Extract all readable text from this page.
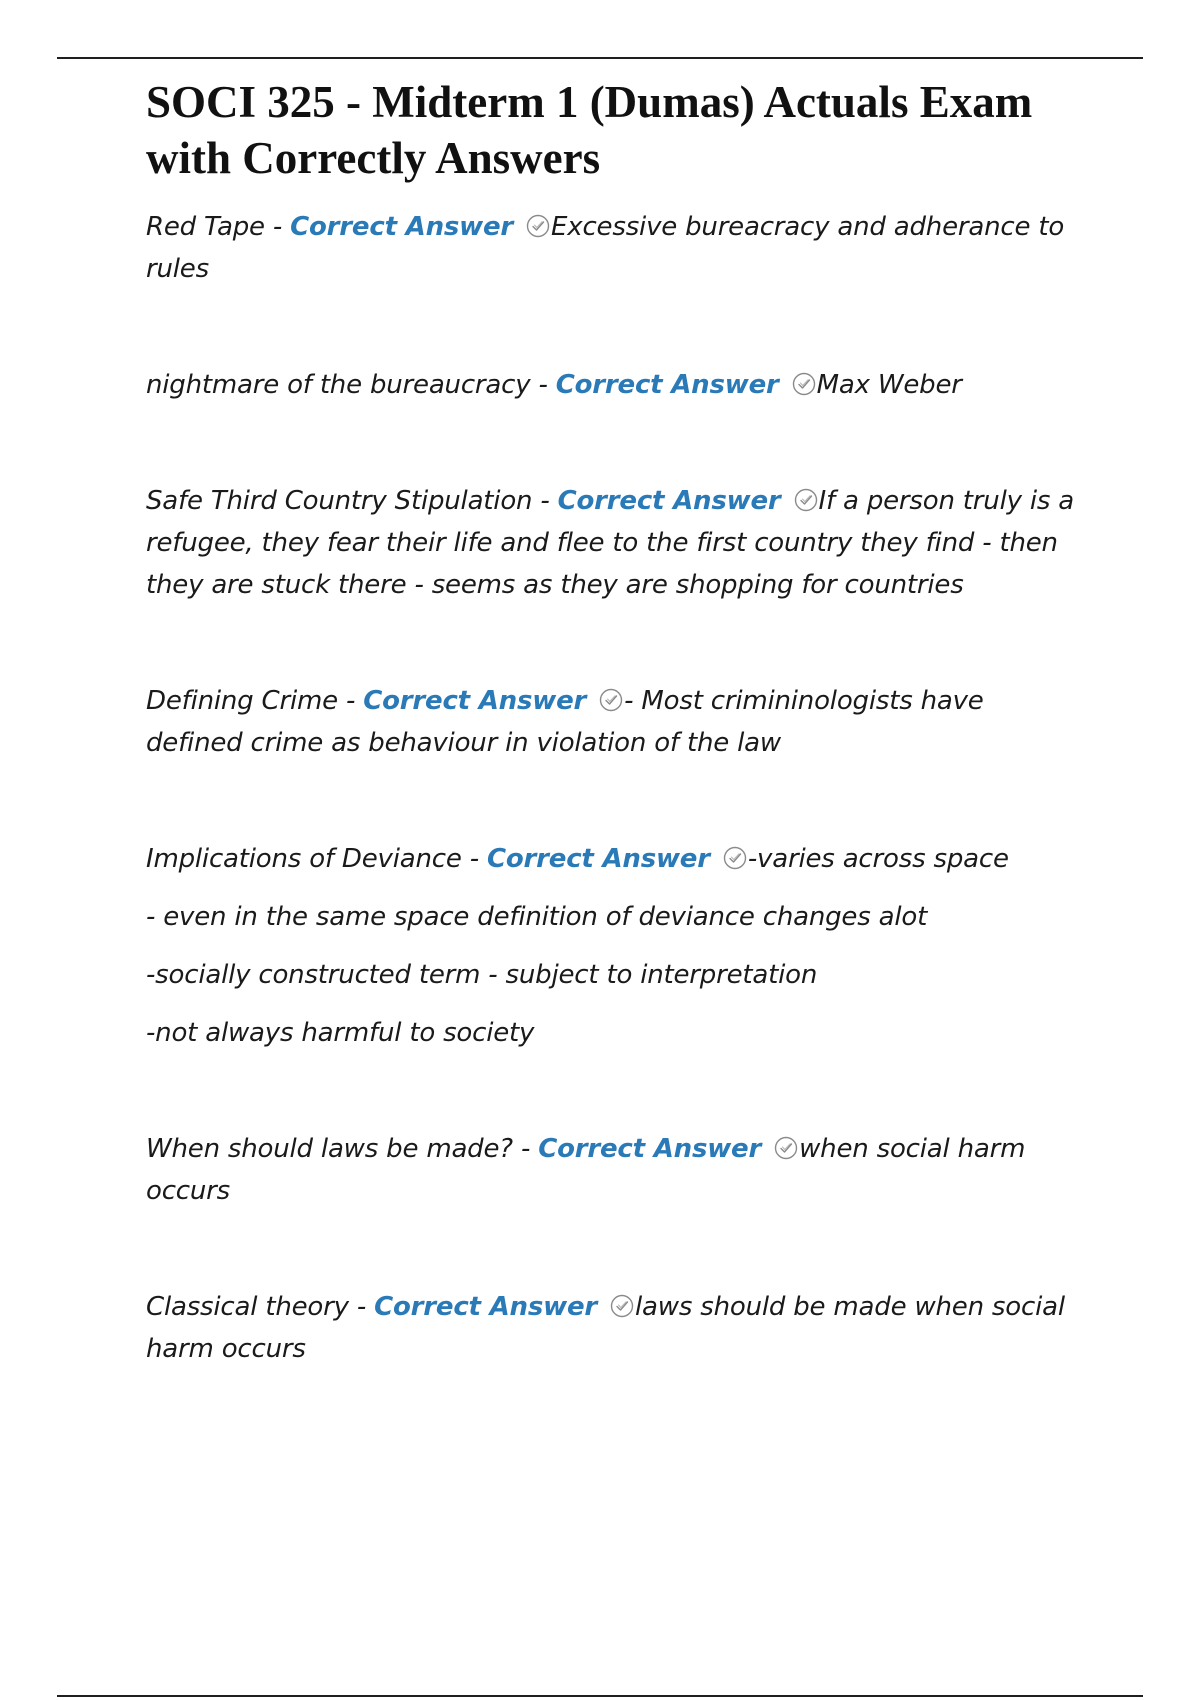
SOCI 325 - Midterm 1 (Dumas) Actuals Exam with Correctly Answers

Red Tape - Correct Answer Excessive bureacracy and adherance to rules

nightmare of the bureaucracy - Correct Answer Max Weber

Safe Third Country Stipulation - Correct Answer If a person truly is a refugee, they fear their life and flee to the first country they find - then they are stuck there - seems as they are shopping for countries

Defining Crime - Correct Answer - Most crimininologists have defined crime as behaviour in violation of the law

Implications of Deviance - Correct Answer -varies across space

- even in the same space definition of deviance changes alot

-socially constructed term - subject to interpretation

-not always harmful to society

When should laws be made? - Correct Answer when social harm occurs

Classical theory - Correct Answer laws should be made when social harm occurs
